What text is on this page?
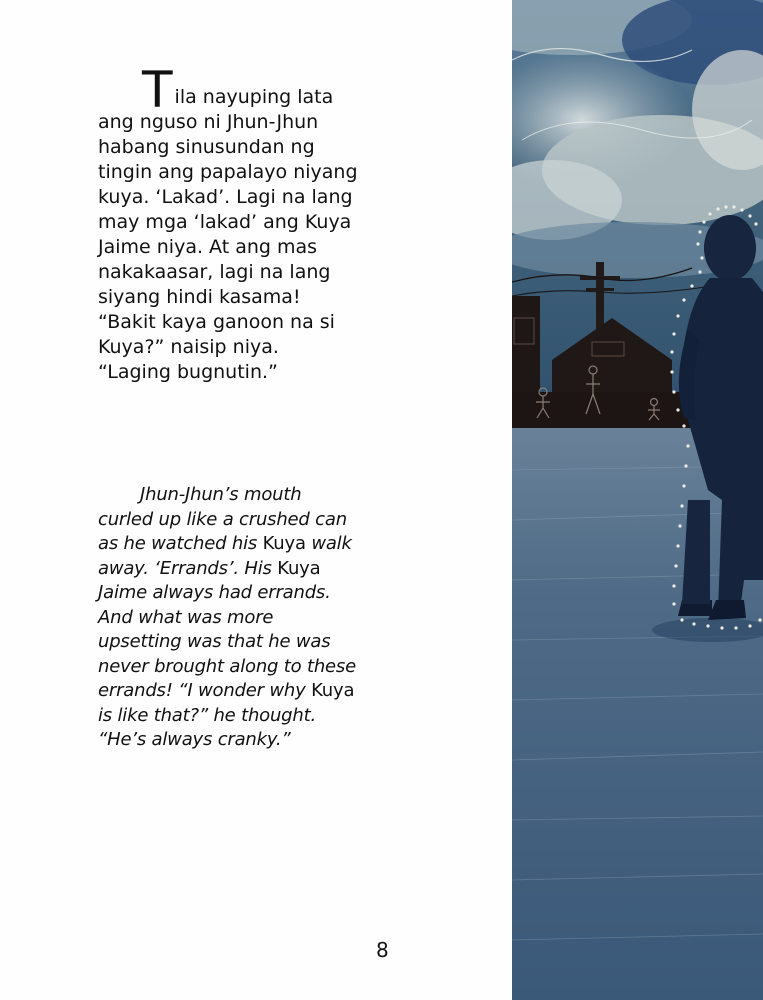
T ila nayuping lata
ang nguso ni Jhun-Jhun
habang sinusundan ng
tingin ang papalayo niyang
kuya. ‘Lakad’. Lagi na lang
may mga ‘lakad’ ang Kuya
Jaime niya. At ang mas
nakakaasar, lagi na lang
siyang hindi kasama!
“Bakit kaya ganoon na si
Kuya?” naisip niya.
“Laging bugnutin.”
Jhun-Jhun’s mouth
curled up like a crushed can
as he watched his Kuya walk
away. ‘Errands’. His Kuya
Jaime always had errands.
And what was more
upsetting was that he was
never brought along to these
errands! “I wonder why Kuya
is like that?” he thought.
“He’s always cranky.”
8
